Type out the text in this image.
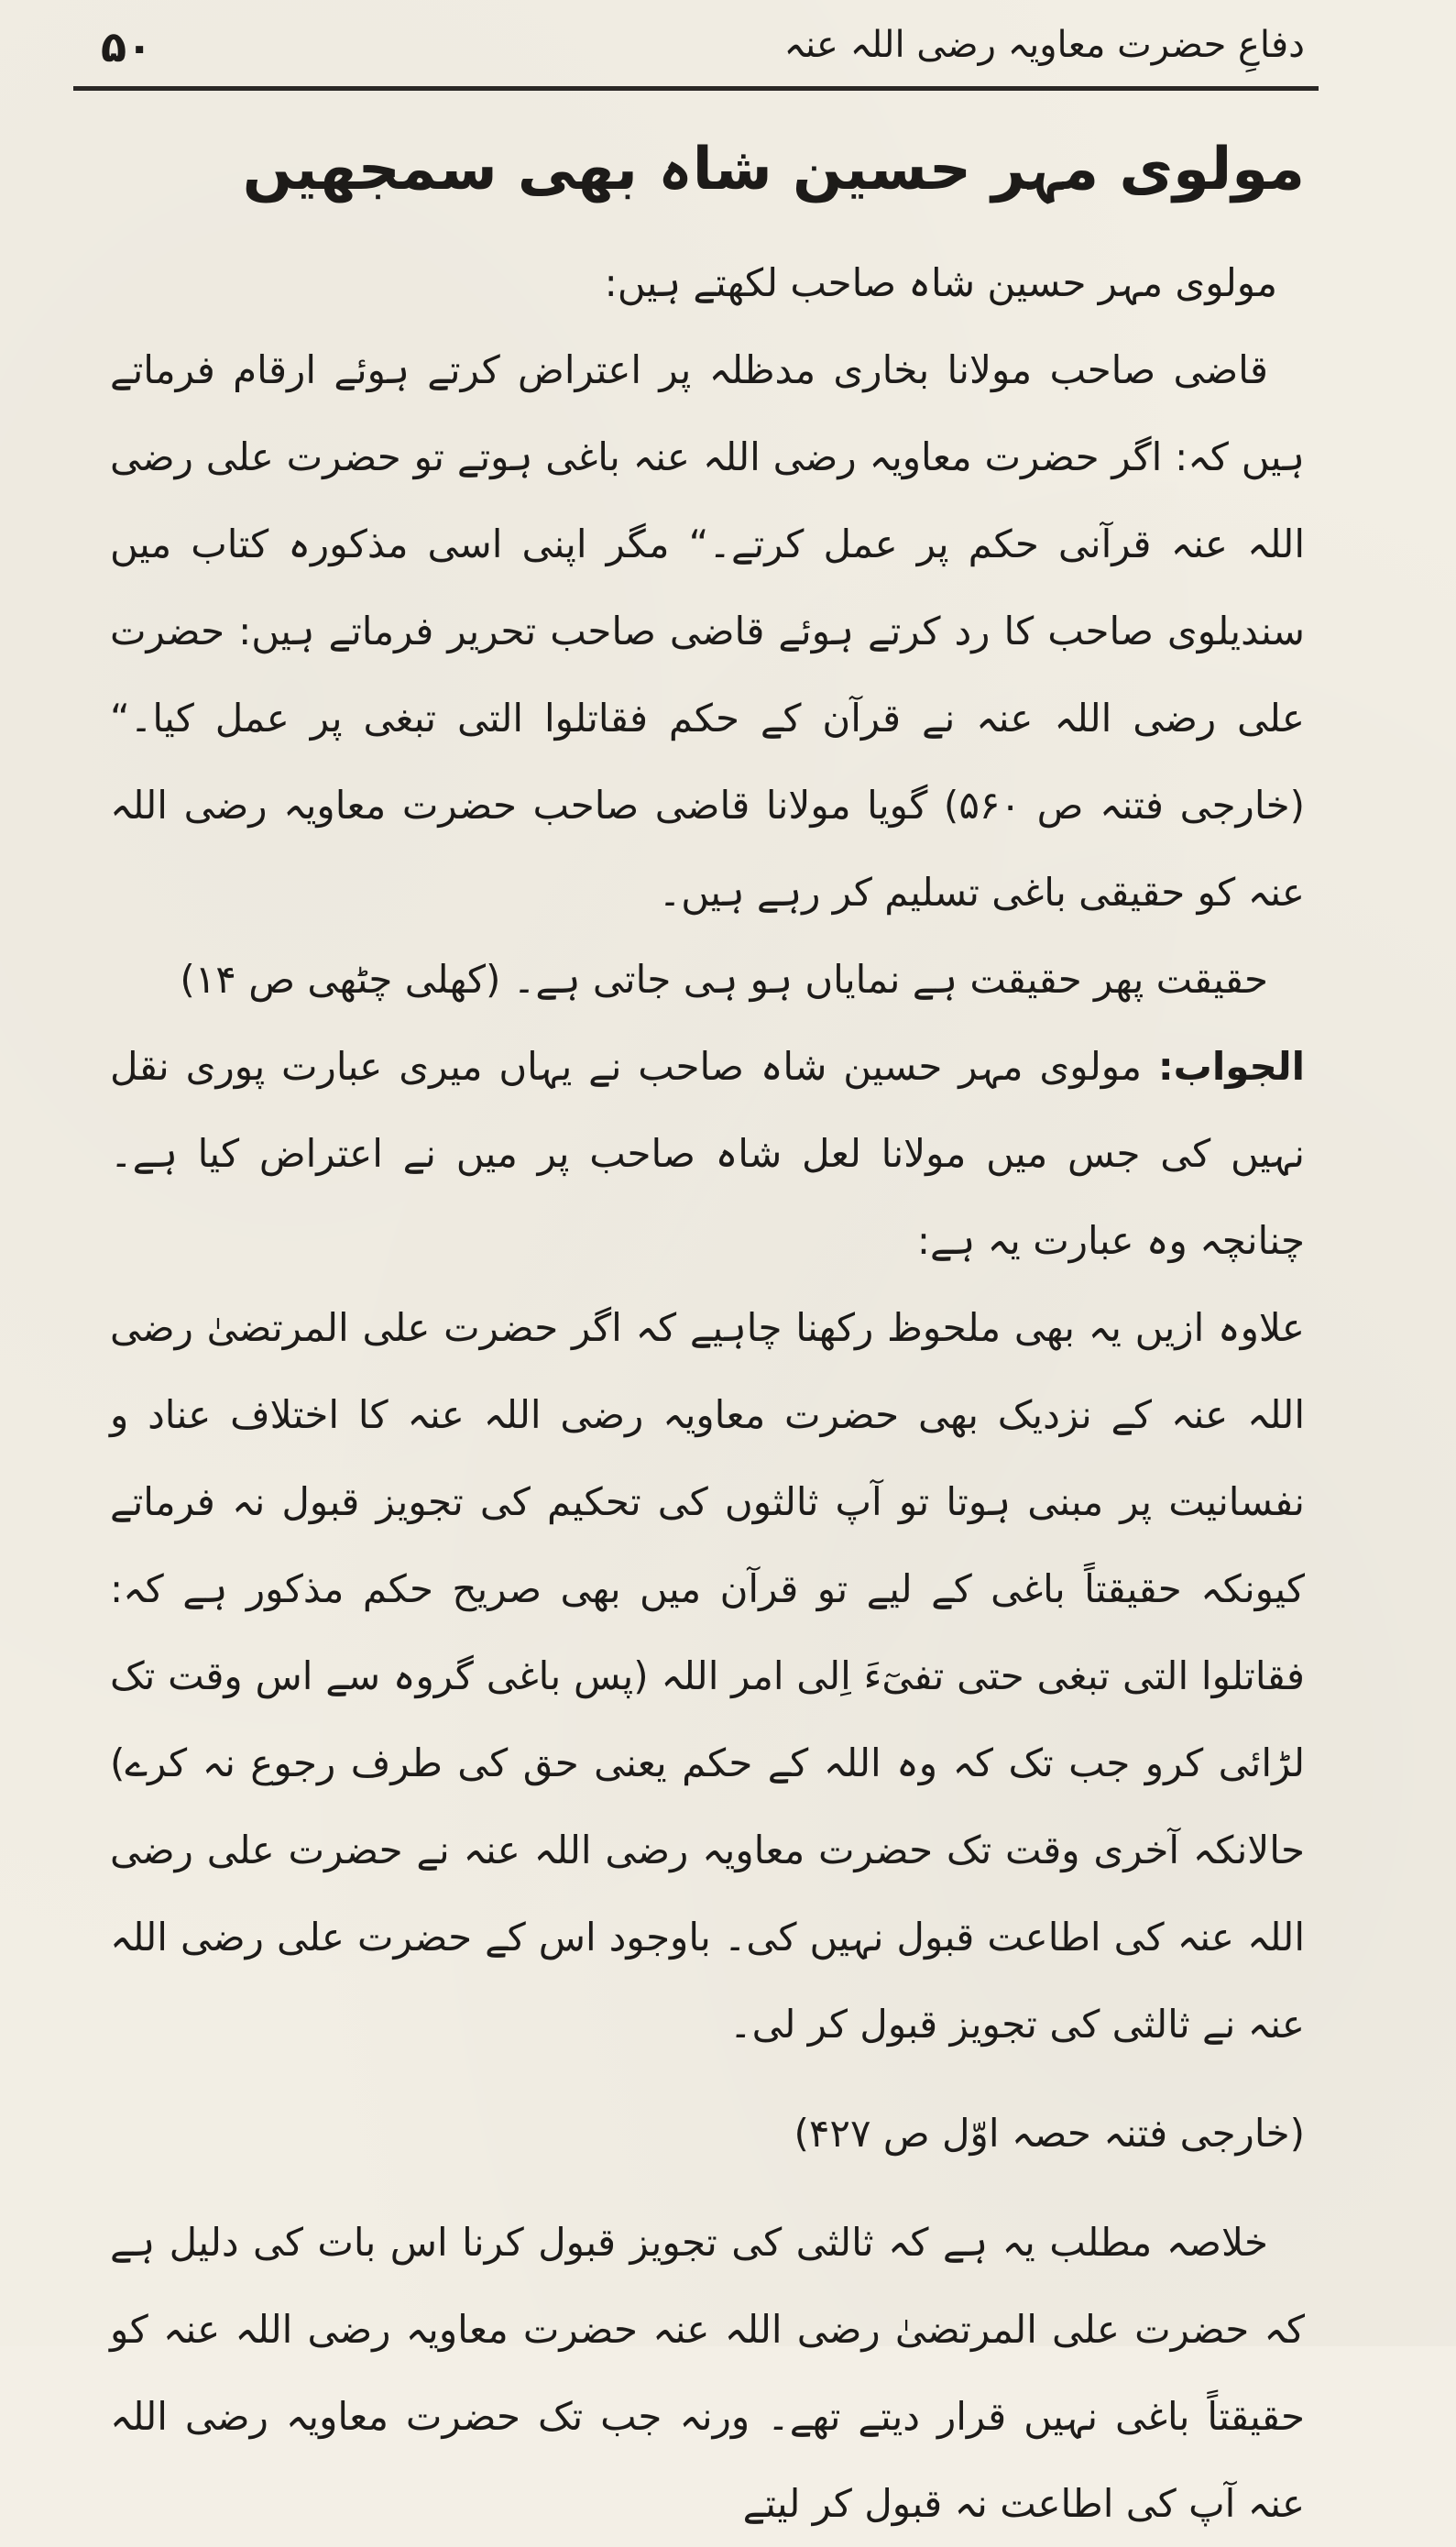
۵۰	دفاعِ حضرت معاویہ رضی اللہ عنہ
مولوی مہر حسین شاہ بھی سمجھیں

مولوی مہر حسین شاہ صاحب لکھتے ہیں:

قاضی صاحب مولانا بخاری مدظلہ پر اعتراض کرتے ہوئے ارقام فرماتے ہیں کہ: اگر حضرت معاویہ رضی اللہ عنہ باغی ہوتے تو حضرت علی رضی اللہ عنہ قرآنی حکم پر عمل کرتے۔“ مگر اپنی اسی مذکورہ کتاب میں سندیلوی صاحب کا رد کرتے ہوئے قاضی صاحب تحریر فرماتے ہیں: حضرت علی رضی اللہ عنہ نے قرآن کے حکم فقاتلوا التی تبغی پر عمل کیا۔“ (خارجی فتنہ ص ۵۶۰) گویا مولانا قاضی صاحب حضرت معاویہ رضی اللہ عنہ کو حقیقی باغی تسلیم کر رہے ہیں۔

حقیقت پھر حقیقت ہے نمایاں ہو ہی جاتی ہے۔ (کھلی چٹھی ص ۱۴)

الجواب: مولوی مہر حسین شاہ صاحب نے یہاں میری عبارت پوری نقل نہیں کی جس میں مولانا لعل شاہ صاحب پر میں نے اعتراض کیا ہے۔ چنانچہ وہ عبارت یہ ہے:

علاوہ ازیں یہ بھی ملحوظ رکھنا چاہیے کہ اگر حضرت علی المرتضیٰ رضی اللہ عنہ کے نزدیک بھی حضرت معاویہ رضی اللہ عنہ کا اختلاف عناد و نفسانیت پر مبنی ہوتا تو آپ ثالثوں کی تحکیم کی تجویز قبول نہ فرماتے کیونکہ حقیقتاً باغی کے لیے تو قرآن میں بھی صریح حکم مذکور ہے کہ: فقاتلوا التی تبغی حتی تفیٓءَ اِلی امر اللہ (پس باغی گروہ سے اس وقت تک لڑائی کرو جب تک کہ وہ اللہ کے حکم یعنی حق کی طرف رجوع نہ کرے) حالانکہ آخری وقت تک حضرت معاویہ رضی اللہ عنہ نے حضرت علی رضی اللہ عنہ کی اطاعت قبول نہیں کی۔ باوجود اس کے حضرت علی رضی اللہ عنہ نے ثالثی کی تجویز قبول کر لی۔

(خارجی فتنہ حصہ اوّل ص ۴۲۷)

خلاصہ مطلب یہ ہے کہ ثالثی کی تجویز قبول کرنا اس بات کی دلیل ہے کہ حضرت علی المرتضیٰ رضی اللہ عنہ حضرت معاویہ رضی اللہ عنہ کو حقیقتاً باغی نہیں قرار دیتے تھے۔ ورنہ جب تک حضرت معاویہ رضی اللہ عنہ آپ کی اطاعت نہ قبول کر لیتے
